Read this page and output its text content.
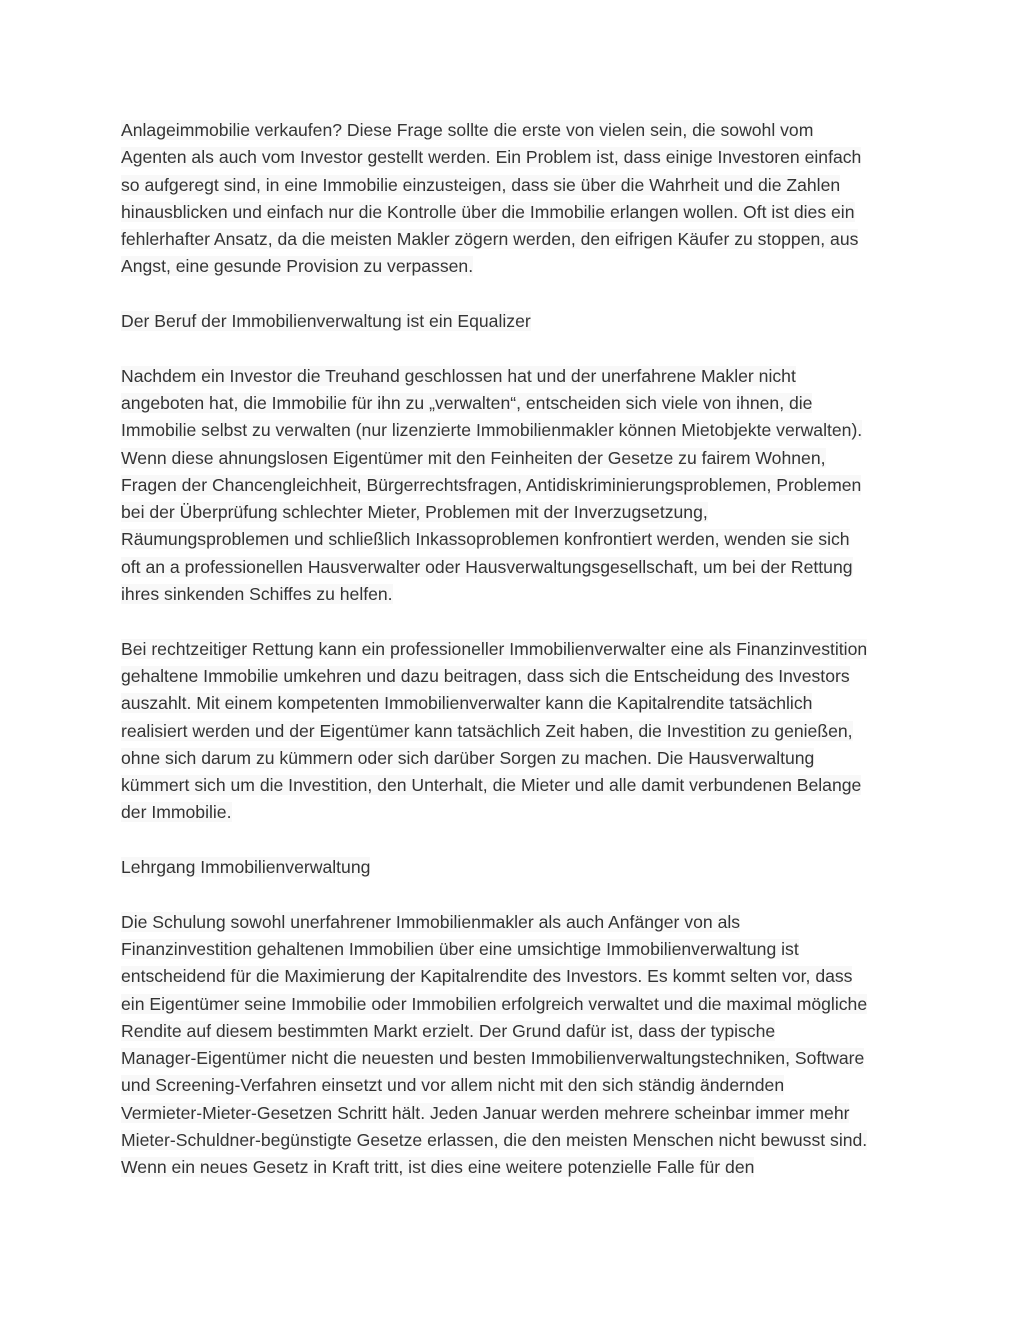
Anlageimmobilie verkaufen? Diese Frage sollte die erste von vielen sein, die sowohl vom
Agenten als auch vom Investor gestellt werden. Ein Problem ist, dass einige Investoren einfach
so aufgeregt sind, in eine Immobilie einzusteigen, dass sie über die Wahrheit und die Zahlen
hinausblicken und einfach nur die Kontrolle über die Immobilie erlangen wollen. Oft ist dies ein
fehlerhafter Ansatz, da die meisten Makler zögern werden, den eifrigen Käufer zu stoppen, aus
Angst, eine gesunde Provision zu verpassen.
Der Beruf der Immobilienverwaltung ist ein Equalizer
Nachdem ein Investor die Treuhand geschlossen hat und der unerfahrene Makler nicht
angeboten hat, die Immobilie für ihn zu „verwalten“, entscheiden sich viele von ihnen, die
Immobilie selbst zu verwalten (nur lizenzierte Immobilienmakler können Mietobjekte verwalten).
Wenn diese ahnungslosen Eigentümer mit den Feinheiten der Gesetze zu fairem Wohnen,
Fragen der Chancengleichheit, Bürgerrechtsfragen, Antidiskriminierungsproblemen, Problemen
bei der Überprüfung schlechter Mieter, Problemen mit der Inverzugsetzung,
Räumungsproblemen und schließlich Inkassoproblemen konfrontiert werden, wenden sie sich
oft an a professionellen Hausverwalter oder Hausverwaltungsgesellschaft, um bei der Rettung
ihres sinkenden Schiffes zu helfen.
Bei rechtzeitiger Rettung kann ein professioneller Immobilienverwalter eine als Finanzinvestition
gehaltene Immobilie umkehren und dazu beitragen, dass sich die Entscheidung des Investors
auszahlt. Mit einem kompetenten Immobilienverwalter kann die Kapitalrendite tatsächlich
realisiert werden und der Eigentümer kann tatsächlich Zeit haben, die Investition zu genießen,
ohne sich darum zu kümmern oder sich darüber Sorgen zu machen. Die Hausverwaltung
kümmert sich um die Investition, den Unterhalt, die Mieter und alle damit verbundenen Belange
der Immobilie.
Lehrgang Immobilienverwaltung
Die Schulung sowohl unerfahrener Immobilienmakler als auch Anfänger von als
Finanzinvestition gehaltenen Immobilien über eine umsichtige Immobilienverwaltung ist
entscheidend für die Maximierung der Kapitalrendite des Investors. Es kommt selten vor, dass
ein Eigentümer seine Immobilie oder Immobilien erfolgreich verwaltet und die maximal mögliche
Rendite auf diesem bestimmten Markt erzielt. Der Grund dafür ist, dass der typische
Manager-Eigentümer nicht die neuesten und besten Immobilienverwaltungstechniken, Software
und Screening-Verfahren einsetzt und vor allem nicht mit den sich ständig ändernden
Vermieter-Mieter-Gesetzen Schritt hält. Jeden Januar werden mehrere scheinbar immer mehr
Mieter-Schuldner-begünstigte Gesetze erlassen, die den meisten Menschen nicht bewusst sind.
Wenn ein neues Gesetz in Kraft tritt, ist dies eine weitere potenzielle Falle für den
